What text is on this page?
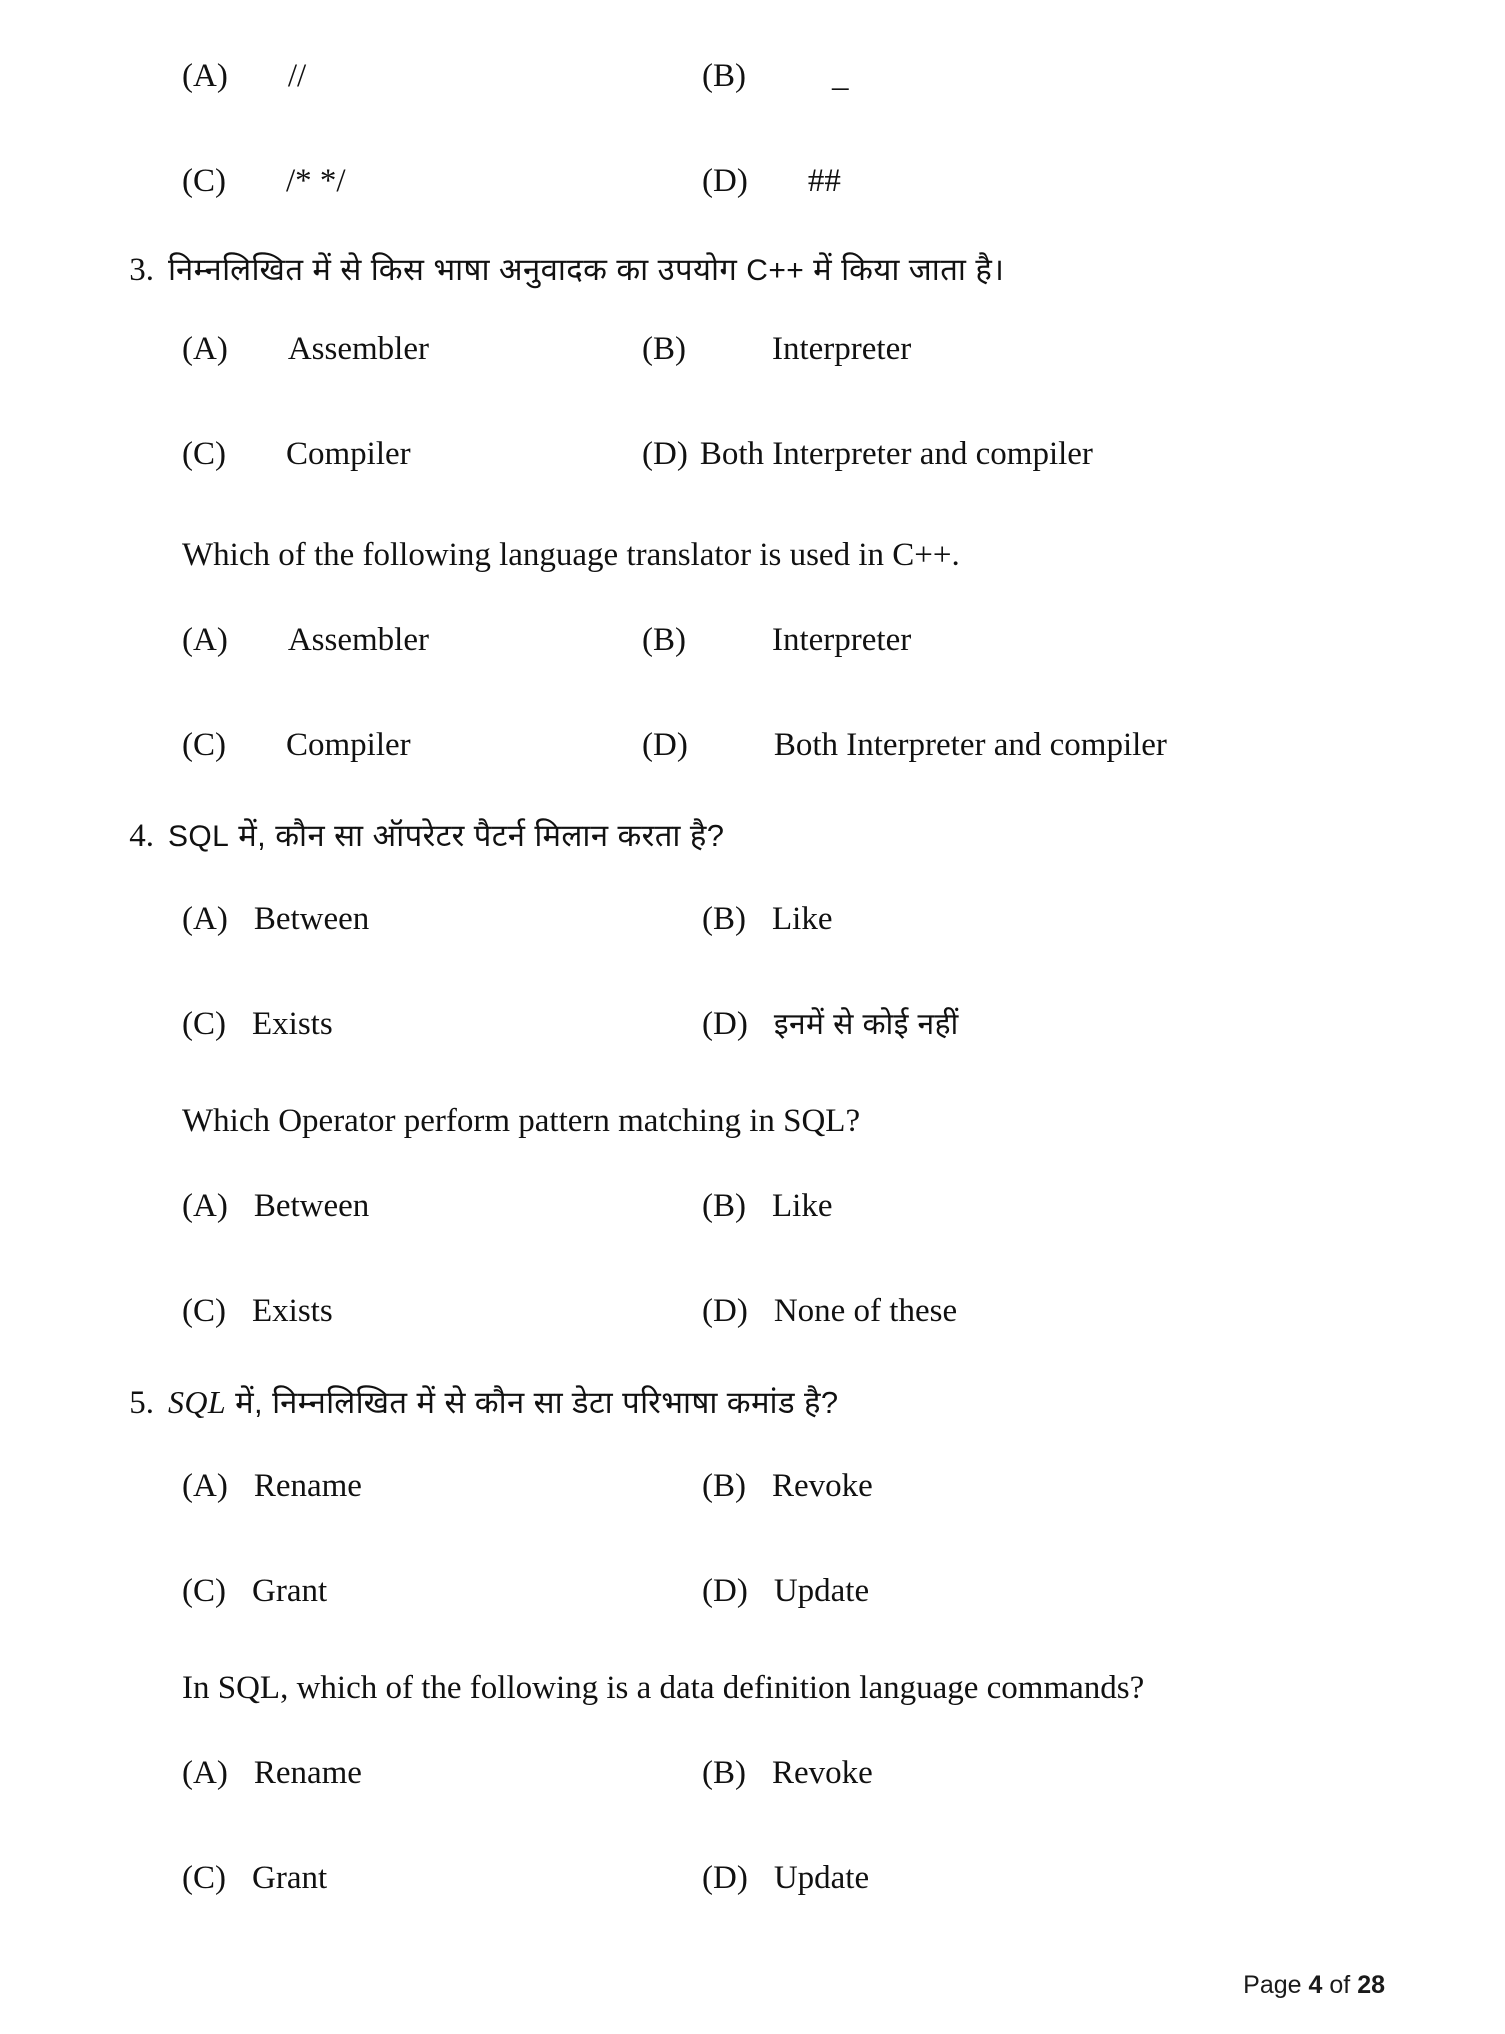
(A) //	(B)	_
(C) /* */	(D) ##
3. निम्नलिखित में से किस भाषा अनुवादक का उपयोग C++ में किया जाता है।
(A) Assembler	(B)	Interpreter
(C) Compiler	(D) Both Interpreter and compiler
Which of the following language translator is used in C++.
(A) Assembler	(B)	Interpreter
(C) Compiler	(D)	Both Interpreter and compiler
4. SQL में, कौन सा ऑपरेटर पैटर्न मिलान करता है?
(A) Between	(B) Like
(C) Exists	(D) इनमें से कोई नहीं
Which Operator perform pattern matching in SQL?
(A) Between	(B) Like
(C) Exists	(D) None of these
5. SQL में, निम्नलिखित में से कौन सा डेटा परिभाषा कमांड है?
(A) Rename	(B) Revoke
(C) Grant	(D) Update
In SQL, which of the following is a data definition language commands?
(A) Rename	(B) Revoke
(C) Grant	(D) Update
Page 4 of 28
